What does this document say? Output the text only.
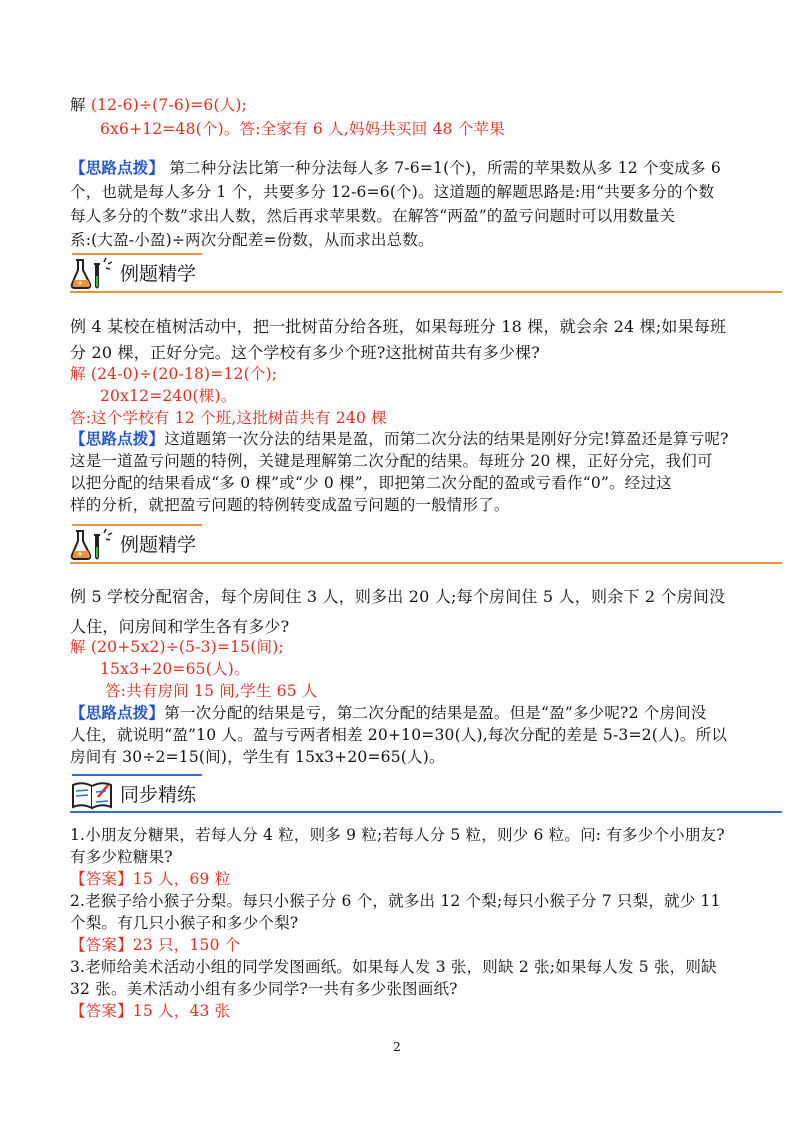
解 (12-6)÷(7-6)=6(人);
6x6+12=48(个)。答:全家有 6 人,妈妈共买回 48 个苹果
【思路点拨】 第二种分法比第一种分法每人多 7-6=1(个)，所需的苹果数从多 12 个变成多 6
个，也就是每人多分 1 个，共要多分 12-6=6(个)。这道题的解题思路是:用“共要多分的个数
每人多分的个数”求出人数，然后再求苹果数。在解答“两盈”的盈亏问题时可以用数量关
系:(大盈-小盈)÷两次分配差=份数，从而求出总数。
例题精学
例 4 某校在植树活动中，把一批树苗分给各班，如果每班分 18 棵，就会余 24 棵;如果每班
分 20 棵，正好分完。这个学校有多少个班?这批树苗共有多少棵?
解 (24-0)÷(20-18)=12(个);
20x12=240(棵)。
答:这个学校有 12 个班,这批树苗共有 240 棵
【思路点拨】这道题第一次分法的结果是盈，而第二次分法的结果是刚好分完!算盈还是算亏呢?
这是一道盈亏问题的特例，关键是理解第二次分配的结果。每班分 20 棵，正好分完，我们可
以把分配的结果看成“多 0 棵”或“少 0 棵”，即把第二次分配的盈或亏看作“0”。经过这
样的分析，就把盈亏问题的特例转变成盈亏问题的一般情形了。
例题精学
例 5 学校分配宿舍，每个房间住 3 人，则多出 20 人;每个房间住 5 人，则余下 2 个房间没
人住，问房间和学生各有多少?
解 (20+5x2)÷(5-3)=15(间);
15x3+20=65(人)。
答:共有房间 15 间,学生 65 人
【思路点拨】第一次分配的结果是亏，第二次分配的结果是盈。但是“盈”多少呢?2 个房间没
人住，就说明“盈”10 人。盈与亏两者相差 20+10=30(人),每次分配的差是 5-3=2(人)。所以
房间有 30÷2=15(间)，学生有 15x3+20=65(人)。
同步精练
1.小朋友分糖果，若每人分 4 粒，则多 9 粒;若每人分 5 粒，则少 6 粒。问: 有多少个小朋友?
有多少粒糖果?
【答案】15 人，69 粒
2.老猴子给小猴子分梨。每只小猴子分 6 个，就多出 12 个梨;每只小猴子分 7 只梨，就少 11
个梨。有几只小猴子和多少个梨?
【答案】23 只，150 个
3.老师给美术活动小组的同学发图画纸。如果每人发 3 张，则缺 2 张;如果每人发 5 张，则缺
32 张。美术活动小组有多少同学?一共有多少张图画纸?
【答案】15 人，43 张
2
